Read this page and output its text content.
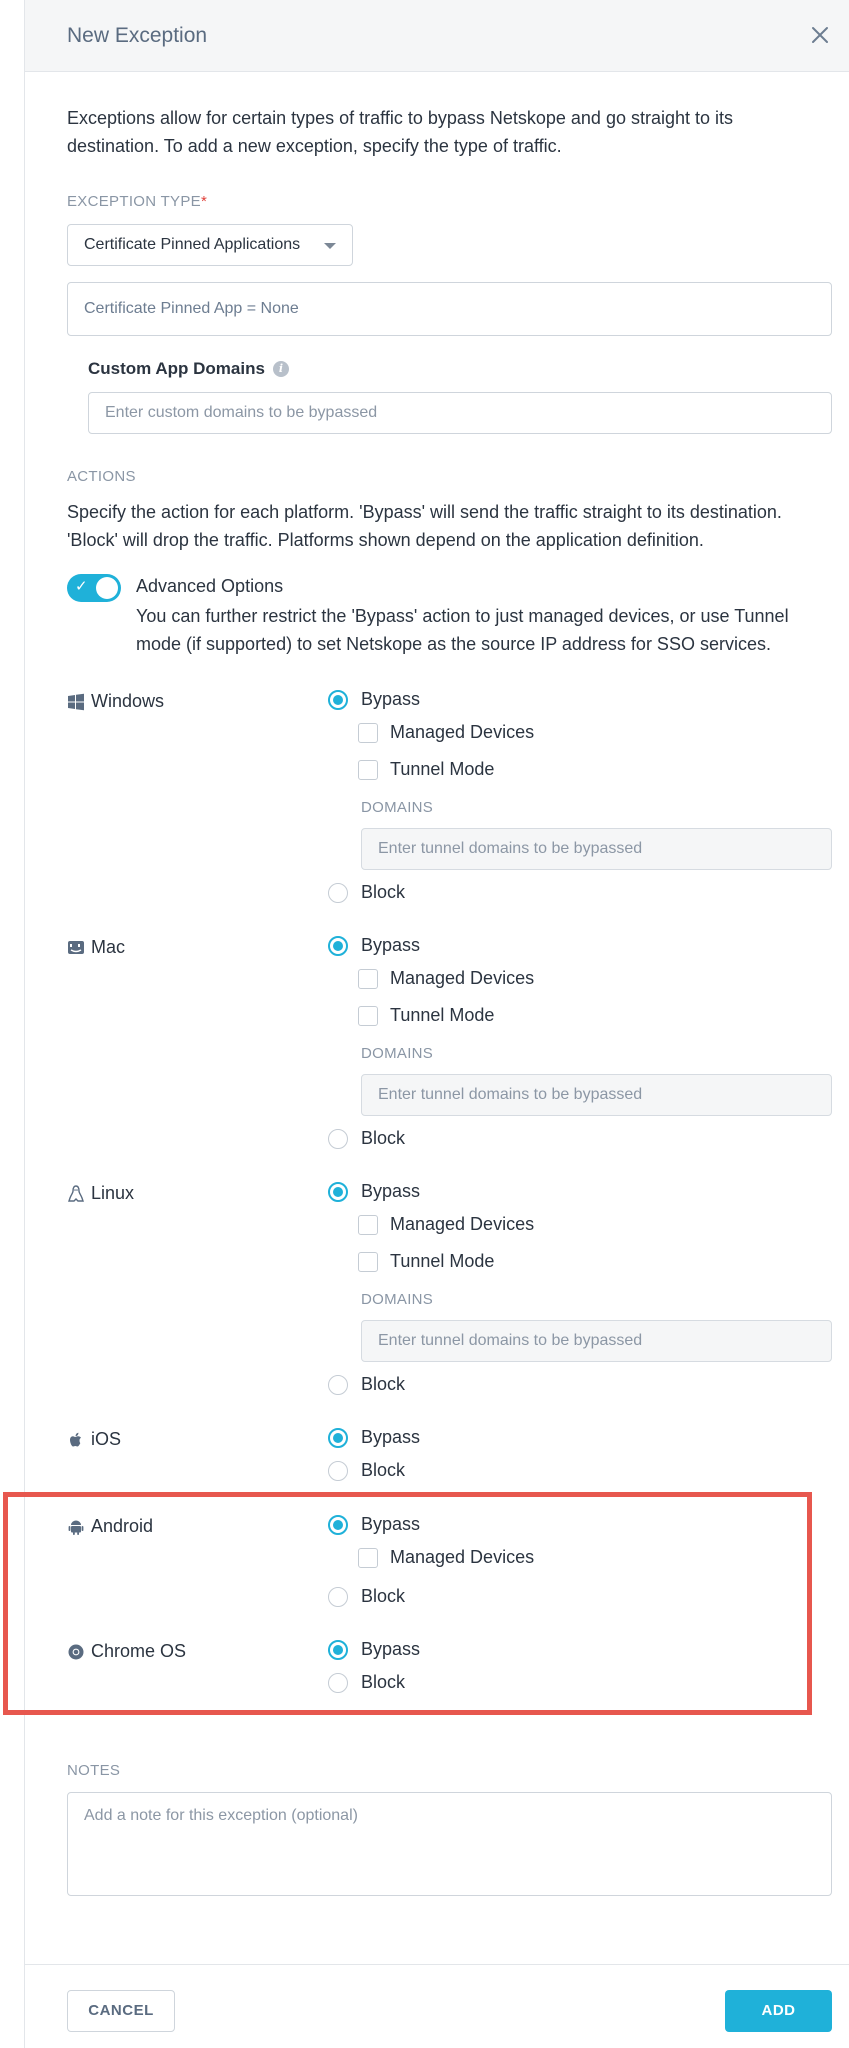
New Exception
Exceptions allow for certain types of traffic to bypass Netskope and go straight to its destination. To add a new exception, specify the type of traffic.
EXCEPTION TYPE*
Certificate Pinned Applications
Certificate Pinned App = None
Custom App Domains i
Enter custom domains to be bypassed
ACTIONS
Specify the action for each platform. 'Bypass' will send the traffic straight to its destination. 'Block' will drop the traffic. Platforms shown depend on the application definition.
✓	Advanced Options
You can further restrict the 'Bypass' action to just managed devices, or use Tunnel mode (if supported) to set Netskope as the source IP address for SSO services.
Windows	Bypass
Managed Devices
Tunnel Mode
DOMAINS
Enter tunnel domains to be bypassed
Block
Mac	Bypass
Managed Devices
Tunnel Mode
DOMAINS
Enter tunnel domains to be bypassed
Block
Linux	Bypass
Managed Devices
Tunnel Mode
DOMAINS
Enter tunnel domains to be bypassed
Block
iOS	Bypass
Block
Android	Bypass
Managed Devices
Block
Chrome OS	Bypass
Block
NOTES
Add a note for this exception (optional)
CANCEL	ADD
